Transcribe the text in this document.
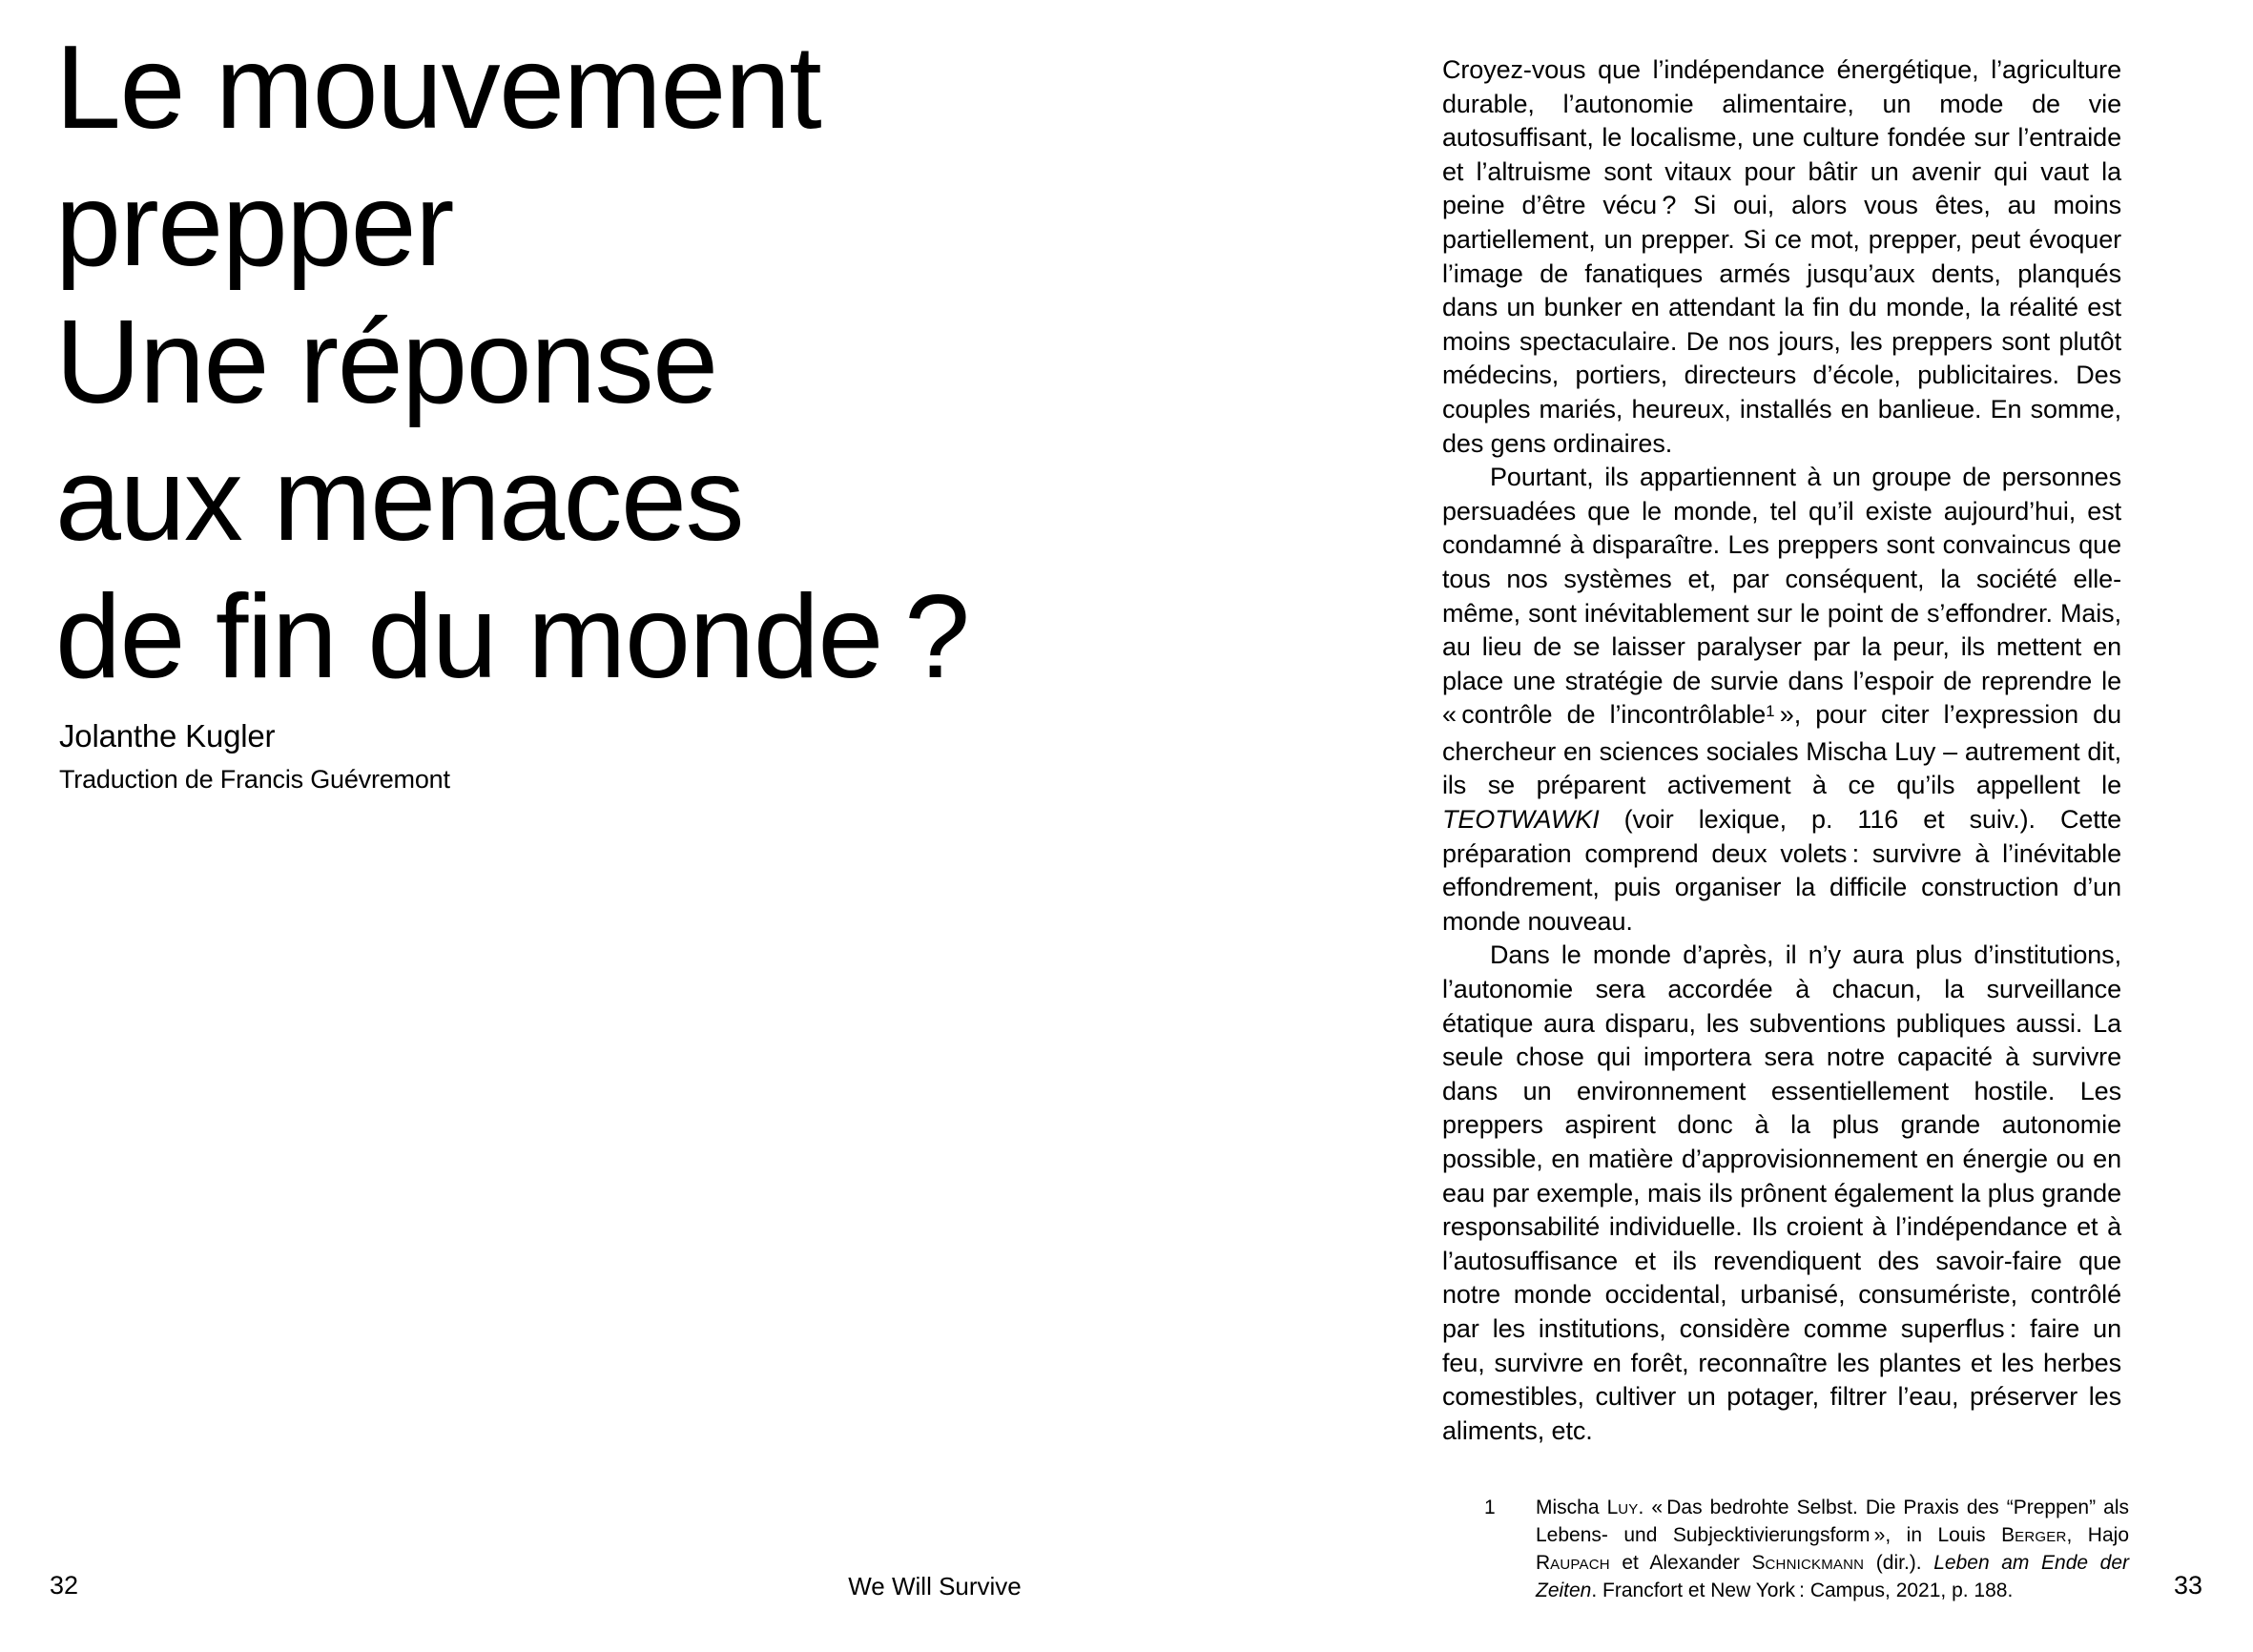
Le mouvement
prepper
Une réponse
aux menaces
de fin du monde ?
Jolanthe Kugler
Traduction de Francis Guévremont
32	We Will Survive

Croyez-vous que l’indépendance énergétique, l’agriculture durable, l’autonomie alimentaire, un mode de vie autosuffisant, le localisme, une culture fondée sur l’entraide et l’altruisme sont vitaux pour bâtir un avenir qui vaut la peine d’être vécu ? Si oui, alors vous êtes, au moins partiellement, un prepper. Si ce mot, prepper, peut évoquer l’image de fanatiques armés jusqu’aux dents, planqués dans un bunker en attendant la fin du monde, la réalité est moins spectaculaire. De nos jours, les preppers sont plutôt médecins, portiers, directeurs d’école, publicitaires. Des couples mariés, heureux, installés en banlieue. En somme, des gens ordinaires.

Pourtant, ils appartiennent à un groupe de personnes persuadées que le monde, tel qu’il existe aujourd’hui, est condamné à disparaître. Les preppers sont convaincus que tous nos systèmes et, par conséquent, la société elle-même, sont inévitablement sur le point de s’effondrer. Mais, au lieu de se laisser paralyser par la peur, ils mettent en place une stratégie de survie dans l’espoir de reprendre le « contrôle de l’incontrôlable$^1$ », pour citer l’expression du chercheur en sciences sociales Mischa Luy – autrement dit, ils se préparent activement à ce qu’ils appellent le TEOTWAWKI (voir lexique, p. 116 et suiv.). Cette préparation comprend deux volets : survivre à l’inévitable effondrement, puis organiser la difficile construction d’un monde nouveau.

Dans le monde d’après, il n’y aura plus d’institutions, l’autonomie sera accordée à chacun, la surveillance étatique aura disparu, les subventions publiques aussi. La seule chose qui importera sera notre capacité à survivre dans un environnement essentiellement hostile. Les preppers aspirent donc à la plus grande autonomie possible, en matière d’approvisionnement en énergie ou en eau par exemple, mais ils prônent également la plus grande responsabilité individuelle. Ils croient à l’indépendance et à l’autosuffisance et ils revendiquent des savoir-faire que notre monde occidental, urbanisé, consumériste, contrôlé par les institutions, considère comme superflus : faire un feu, survivre en forêt, reconnaître les plantes et les herbes comestibles, cultiver un potager, filtrer l’eau, préserver les aliments, etc.

1	Mischa Luy. « Das bedrohte Selbst. Die Praxis des “Preppen” als Lebens- und Subjecktivierungsform », in Louis Berger, Hajo Raupach et Alexander Schnickmann (dir.). Leben am Ende der Zeiten. Francfort et New York : Campus, 2021, p. 188.	33
